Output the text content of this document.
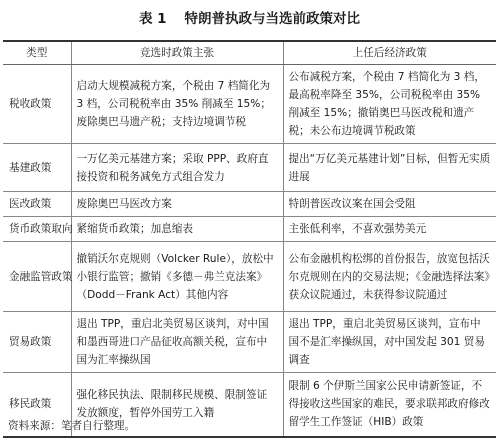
表 1 特朗普执政与当选前政策对比
类型	竞选时政策主张	上任后经济政策
税收政策	启动大规模减税方案，个税由 7 档简化为 3 档，公司税税率由 35% 削减至 15%；废除奥巴马遗产税；支持边境调节税	公布减税方案，个税由 7 档简化为 3 档，最高税率降至 35%，公司税税率由 35% 削减至 15%；撤销奥巴马医改税和遗产税；未公布边境调节税政策
基建政策	一万亿美元基建方案；采取 PPP、政府直接投资和税务减免方式组合发力	提出“万亿美元基建计划”目标，但暂无实质进展
医改政策	废除奥巴马医改方案	特朗普医改议案在国会受阻
货币政策取向	紧缩货币政策；加息缩表	主张低利率，不喜欢强势美元
金融监管政策	撤销沃尔克规则（Volcker Rule），放松中小银行监管；撤销《多德－弗兰克法案》（Dodd－Frank Act）其他内容	公布金融机构松绑的首份报告，放宽包括沃尔克规则在内的交易法规；《金融选择法案》获众议院通过，未获得参议院通过
贸易政策	退出 TPP，重启北美贸易区谈判，对中国和墨西哥进口产品征收高额关税，宣布中国为汇率操纵国	退出 TPP，重启北美贸易区谈判，宣布中国不是汇率操纵国，对中国发起 301 贸易调查
移民政策	强化移民执法、限制移民规模、限制签证发放额度，暂停外国劳工入籍	限制 6 个伊斯兰国家公民申请新签证，不得接收这些国家的难民，要求联邦政府修改留学生工作签证（HIB）政策
资料来源：笔者自行整理。
